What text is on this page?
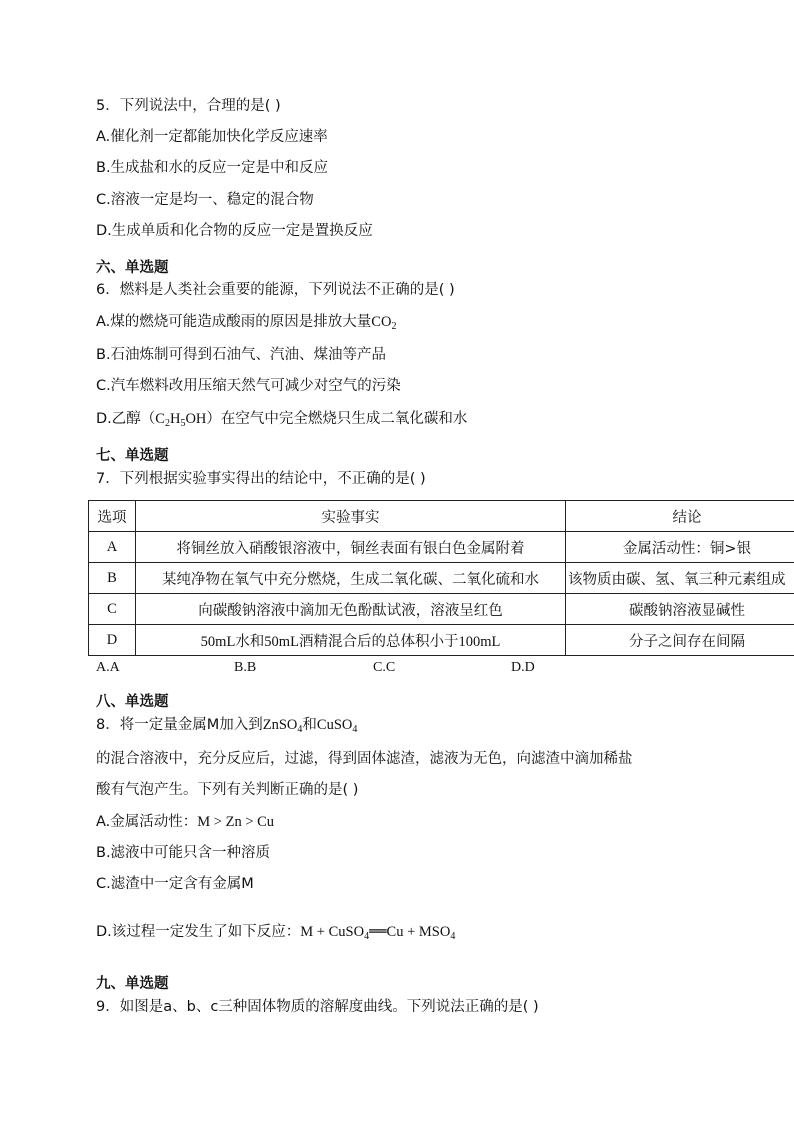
5．下列说法中，合理的是( )
A.催化剂一定都能加快化学反应速率
B.生成盐和水的反应一定是中和反应
C.溶液一定是均一、稳定的混合物
D.生成单质和化合物的反应一定是置换反应
六、单选题
6．燃料是人类社会重要的能源，下列说法不正确的是( )
A.煤的燃烧可能造成酸雨的原因是排放大量$CO_2$
B.石油炼制可得到石油气、汽油、煤油等产品
C.汽车燃料改用压缩天然气可减少对空气的污染
D.乙醇$(C_2H_5OH)$在空气中完全燃烧只生成二氧化碳和水
七、单选题
7．下列根据实验事实得出的结论中，不正确的是( )
选项	实验事实	结论
A	将铜丝放入硝酸银溶液中，铜丝表面有银白色金属附着	金属活动性：铜>银
B	某纯净物在氧气中充分燃烧，生成二氧化碳、二氧化硫和水	该物质由碳、氢、氧三种元素组成
C	向碳酸钠溶液中滴加无色酚酞试液，溶液呈红色	碳酸钠溶液显碱性
D	50mL水和50mL酒精混合后的总体积小于100mL	分子之间存在间隔
A.A	B.B	C.C	D.D
八、单选题
8．将一定量金属M加入到ZnSO$_4$和CuSO$_4$
的混合溶液中，充分反应后，过滤，得到固体滤渣，滤液为无色，向滤渣中滴加稀盐
酸有气泡产生。下列有关判断正确的是( )
A.金属活动性：M > Zn > Cu
B.滤液中可能只含一种溶质
C.滤渣中一定含有金属M
D.该过程一定发生了如下反应：M + CuSO$_4$══Cu + $MSO_4$
九、单选题
9．如图是a、b、c三种固体物质的溶解度曲线。下列说法正确的是( )
